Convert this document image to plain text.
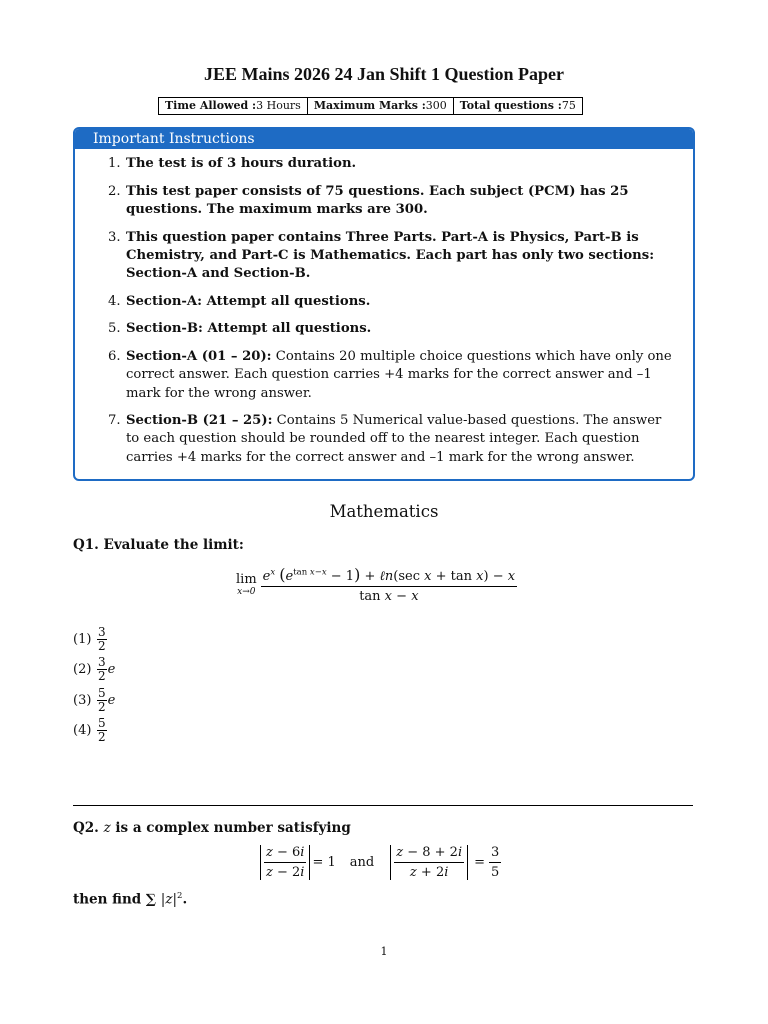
JEE Mains 2026 24 Jan Shift 1 Question Paper
Time Allowed :3 Hours	Maximum Marks :300	Total questions :75
Important Instructions
The test is of 3 hours duration.
This test paper consists of 75 questions. Each subject (PCM) has 25 questions. The maximum marks are 300.
This question paper contains Three Parts. Part-A is Physics, Part-B is Chemistry, and Part-C is Mathematics. Each part has only two sections: Section-A and Section-B.
Section-A: Attempt all questions.
Section-B: Attempt all questions.
Section-A (01 – 20): Contains 20 multiple choice questions which have only one correct answer. Each question carries +4 marks for the correct answer and –1 mark for the wrong answer.
Section-B (21 – 25): Contains 5 Numerical value-based questions. The answer to each question should be rounded off to the nearest integer. Each question carries +4 marks for the correct answer and –1 mark for the wrong answer.
Mathematics
Q1. Evaluate the limit:
lim
$x\to 0 \frac{e^x (e^{tan x-x} - 1) + \ell n(\sec x + \tan x) - x}{\text{tan x − x}}$
$(1) \frac{3}{2}$
$(2) \frac{3}{2}$ e
$(3) \frac{5}{2}$ e
$(4) \frac{5}{2}$
Q2. z is a complex number satisfying
$\frac{z - 6i}{z - 2i} = 1$ and $\frac{z - 8 + 2i}{z + 2i} = \frac{3}{5}$
then find ∑ $|z|^2$.
1
